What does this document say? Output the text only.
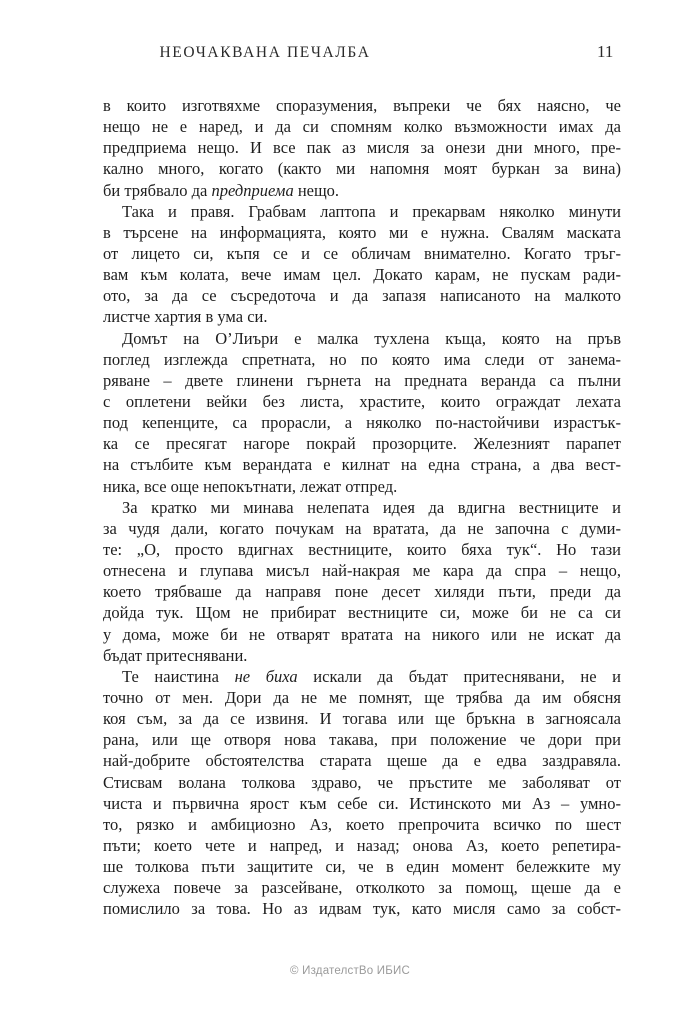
НЕОЧАКВАНА ПЕЧАЛБА	11
в които изготвяхме споразумения, въпреки че бях наясно, че
нещо не е наред, и да си спомням колко възможности имах да
предприема нещо. И все пак аз мисля за онези дни много, пре-
кално много, когато (както ми напомня моят буркан за вина)
би трябвало да предприема нещо.
Така и правя. Грабвам лаптопа и прекарвам няколко минути
в търсене на информацията, която ми е нужна. Свалям маската
от лицето си, къпя се и се обличам внимателно. Когато тръг-
вам към колата, вече имам цел. Докато карам, не пускам ради-
ото, за да се съсредоточа и да запазя написаното на малкото
листче хартия в ума си.
Домът на О’Лиъри е малка тухлена къща, която на пръв
поглед изглежда спретната, но по която има следи от занема-
ряване – двете глинени гърнета на предната веранда са пълни
с оплетени вейки без листа, храстите, които ограждат лехата
под кепенците, са прорасли, а няколко по-настойчиви израстък-
ка се пресягат нагоре покрай прозорците. Железният парапет
на стълбите към верандата е килнат на една страна, а два вест-
ника, все още непокътнати, лежат отпред.
За кратко ми минава нелепата идея да вдигна вестниците и
за чудя дали, когато почукам на вратата, да не започна с думи-
те: „О, просто вдигнах вестниците, които бяха тук“. Но тази
отнесена и глупава мисъл най-накрая ме кара да спра – нещо,
което трябваше да направя поне десет хиляди пъти, преди да
дойда тук. Щом не прибират вестниците си, може би не са си
у дома, може би не отварят вратата на никого или не искат да
бъдат притеснявани.
Те наистина не биха искали да бъдат притеснявани, не и
точно от мен. Дори да не ме помнят, ще трябва да им обясня
коя съм, за да се извиня. И тогава или ще бръкна в загноясала
рана, или ще отворя нова такава, при положение че дори при
най-добрите обстоятелства старата щеше да е едва заздравяла.
Стисвам волана толкова здраво, че пръстите ме заболяват от
чиста и първична ярост към себе си. Истинското ми Аз – умно-
то, рязко и амбициозно Аз, което препрочита всичко по шест
пъти; което чете и напред, и назад; онова Аз, което репетира-
ше толкова пъти защитите си, че в един момент бележките му
служеха повече за разсейване, отколкото за помощ, щеше да е
помислило за това. Но аз идвам тук, като мисля само за собст-
© ИздателстВо ИБИС
